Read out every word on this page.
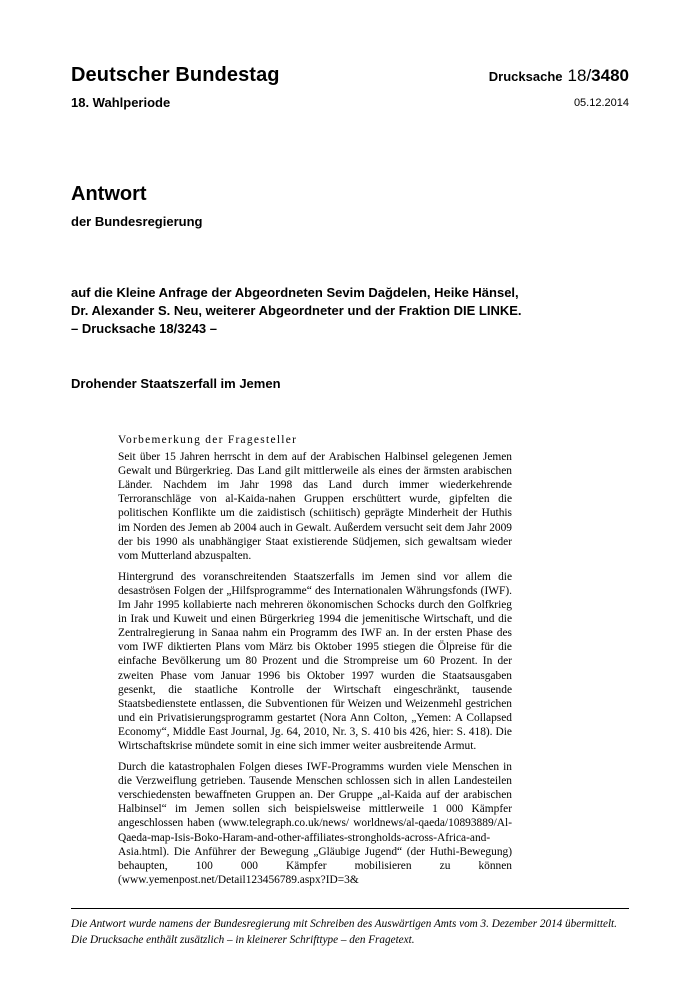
Deutscher Bundestag
18. Wahlperiode
Drucksache 18/3480
05.12.2014
Antwort
der Bundesregierung
auf die Kleine Anfrage der Abgeordneten Sevim Dağdelen, Heike Hänsel,
Dr. Alexander S. Neu, weiterer Abgeordneter und der Fraktion DIE LINKE.
– Drucksache 18/3243 –
Drohender Staatszerfall im Jemen
Vorbemerkung der Fragesteller

Seit über 15 Jahren herrscht in dem auf der Arabischen Halbinsel gelegenen Jemen Gewalt und Bürgerkrieg. Das Land gilt mittlerweile als eines der ärmsten arabischen Länder. Nachdem im Jahr 1998 das Land durch immer wiederkehrende Terroranschläge von al-Kaida-nahen Gruppen erschüttert wurde, gipfelten die politischen Konflikte um die zaidistisch (schiitisch) geprägte Minderheit der Huthis im Norden des Jemen ab 2004 auch in Gewalt. Außerdem versucht seit dem Jahr 2009 der bis 1990 als unabhängiger Staat existierende Südjemen, sich gewaltsam wieder vom Mutterland abzuspalten.

Hintergrund des voranschreitenden Staatszerfalls im Jemen sind vor allem die desaströsen Folgen der „Hilfsprogramme“ des Internationalen Währungsfonds (IWF). Im Jahr 1995 kollabierte nach mehreren ökonomischen Schocks durch den Golfkrieg in Irak und Kuweit und einen Bürgerkrieg 1994 die jemenitische Wirtschaft, und die Zentralregierung in Sanaa nahm ein Programm des IWF an. In der ersten Phase des vom IWF diktierten Plans vom März bis Oktober 1995 stiegen die Ölpreise für die einfache Bevölkerung um 80 Prozent und die Strompreise um 60 Prozent. In der zweiten Phase vom Januar 1996 bis Oktober 1997 wurden die Staatsausgaben gesenkt, die staatliche Kontrolle der Wirtschaft eingeschränkt, tausende Staatsbedienstete entlassen, die Subventionen für Weizen und Weizenmehl gestrichen und ein Privatisierungsprogramm gestartet (Nora Ann Colton, „Yemen: A Collapsed Economy“, Middle East Journal, Jg. 64, 2010, Nr. 3, S. 410 bis 426, hier: S. 418). Die Wirtschaftskrise mündete somit in eine sich immer weiter ausbreitende Armut.

Durch die katastrophalen Folgen dieses IWF-Programms wurden viele Menschen in die Verzweiflung getrieben. Tausende Menschen schlossen sich in allen Landesteilen verschiedensten bewaffneten Gruppen an. Der Gruppe „al-Kaida auf der arabischen Halbinsel“ im Jemen sollen sich beispielsweise mittlerweile 1 000 Kämpfer angeschlossen haben (www.telegraph.co.uk/news/ worldnews/al-qaeda/10893889/Al-Qaeda-map-Isis-Boko-Haram-and-other-affiliates-strongholds-across-Africa-and-Asia.html). Die Anführer der Bewegung „Gläubige Jugend“ (der Huthi-Bewegung) behaupten, 100 000 Kämpfer mobilisieren zu können (www.yemenpost.net/Detail123456789.aspx?ID=3&

Die Antwort wurde namens der Bundesregierung mit Schreiben des Auswärtigen Amts vom 3. Dezember 2014 übermittelt.
Die Drucksache enthält zusätzlich – in kleinerer Schrifttype – den Fragetext.
